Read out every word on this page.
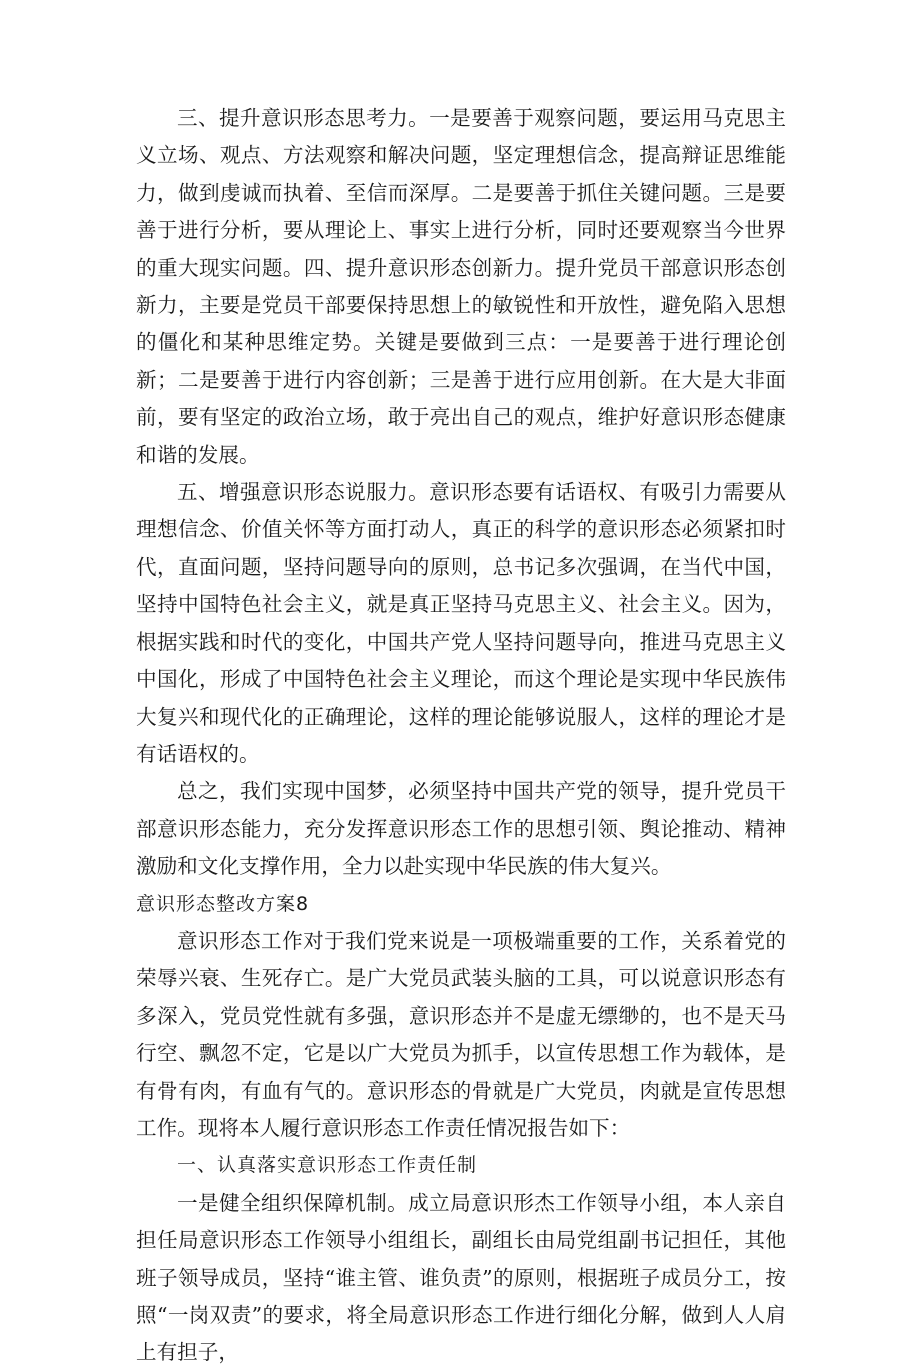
三、提升意识形态思考力。一是要善于观察问题，要运用马克思主义立场、观点、方法观察和解决问题，坚定理想信念，提高辩证思维能力，做到虔诚而执着、至信而深厚。二是要善于抓住关键问题。三是要善于进行分析，要从理论上、事实上进行分析，同时还要观察当今世界的重大现实问题。四、提升意识形态创新力。提升党员干部意识形态创新力，主要是党员干部要保持思想上的敏锐性和开放性，避免陷入思想的僵化和某种思维定势。关键是要做到三点：一是要善于进行理论创新；二是要善于进行内容创新；三是善于进行应用创新。在大是大非面前，要有坚定的政治立场，敢于亮出自己的观点，维护好意识形态健康和谐的发展。

五、增强意识形态说服力。意识形态要有话语权、有吸引力需要从理想信念、价值关怀等方面打动人，真正的科学的意识形态必须紧扣时代，直面问题，坚持问题导向的原则，总书记多次强调，在当代中国，坚持中国特色社会主义，就是真正坚持马克思主义、社会主义。因为，根据实践和时代的变化，中国共产党人坚持问题导向，推进马克思主义中国化，形成了中国特色社会主义理论，而这个理论是实现中华民族伟大复兴和现代化的正确理论，这样的理论能够说服人，这样的理论才是有话语权的。

总之，我们实现中国梦，必须坚持中国共产党的领导，提升党员干部意识形态能力，充分发挥意识形态工作的思想引领、舆论推动、精神激励和文化支撑作用，全力以赴实现中华民族的伟大复兴。

意识形态整改方案8

意识形态工作对于我们党来说是一项极端重要的工作，关系着党的荣辱兴衰、生死存亡。是广大党员武装头脑的工具，可以说意识形态有多深入，党员党性就有多强，意识形态并不是虚无缥缈的，也不是天马行空、飘忽不定，它是以广大党员为抓手，以宣传思想工作为载体，是有骨有肉，有血有气的。意识形态的骨就是广大党员，肉就是宣传思想工作。现将本人履行意识形态工作责任情况报告如下：

一、认真落实意识形态工作责任制

一是健全组织保障机制。成立局意识形杰工作领导小组，本人亲自担任局意识形态工作领导小组组长，副组长由局党组副书记担任，其他班子领导成员，坚持“谁主管、谁负责”的原则，根据班子成员分工，按照“一岗双责”的要求，将全局意识形态工作进行细化分解，做到人人肩上有担子，
